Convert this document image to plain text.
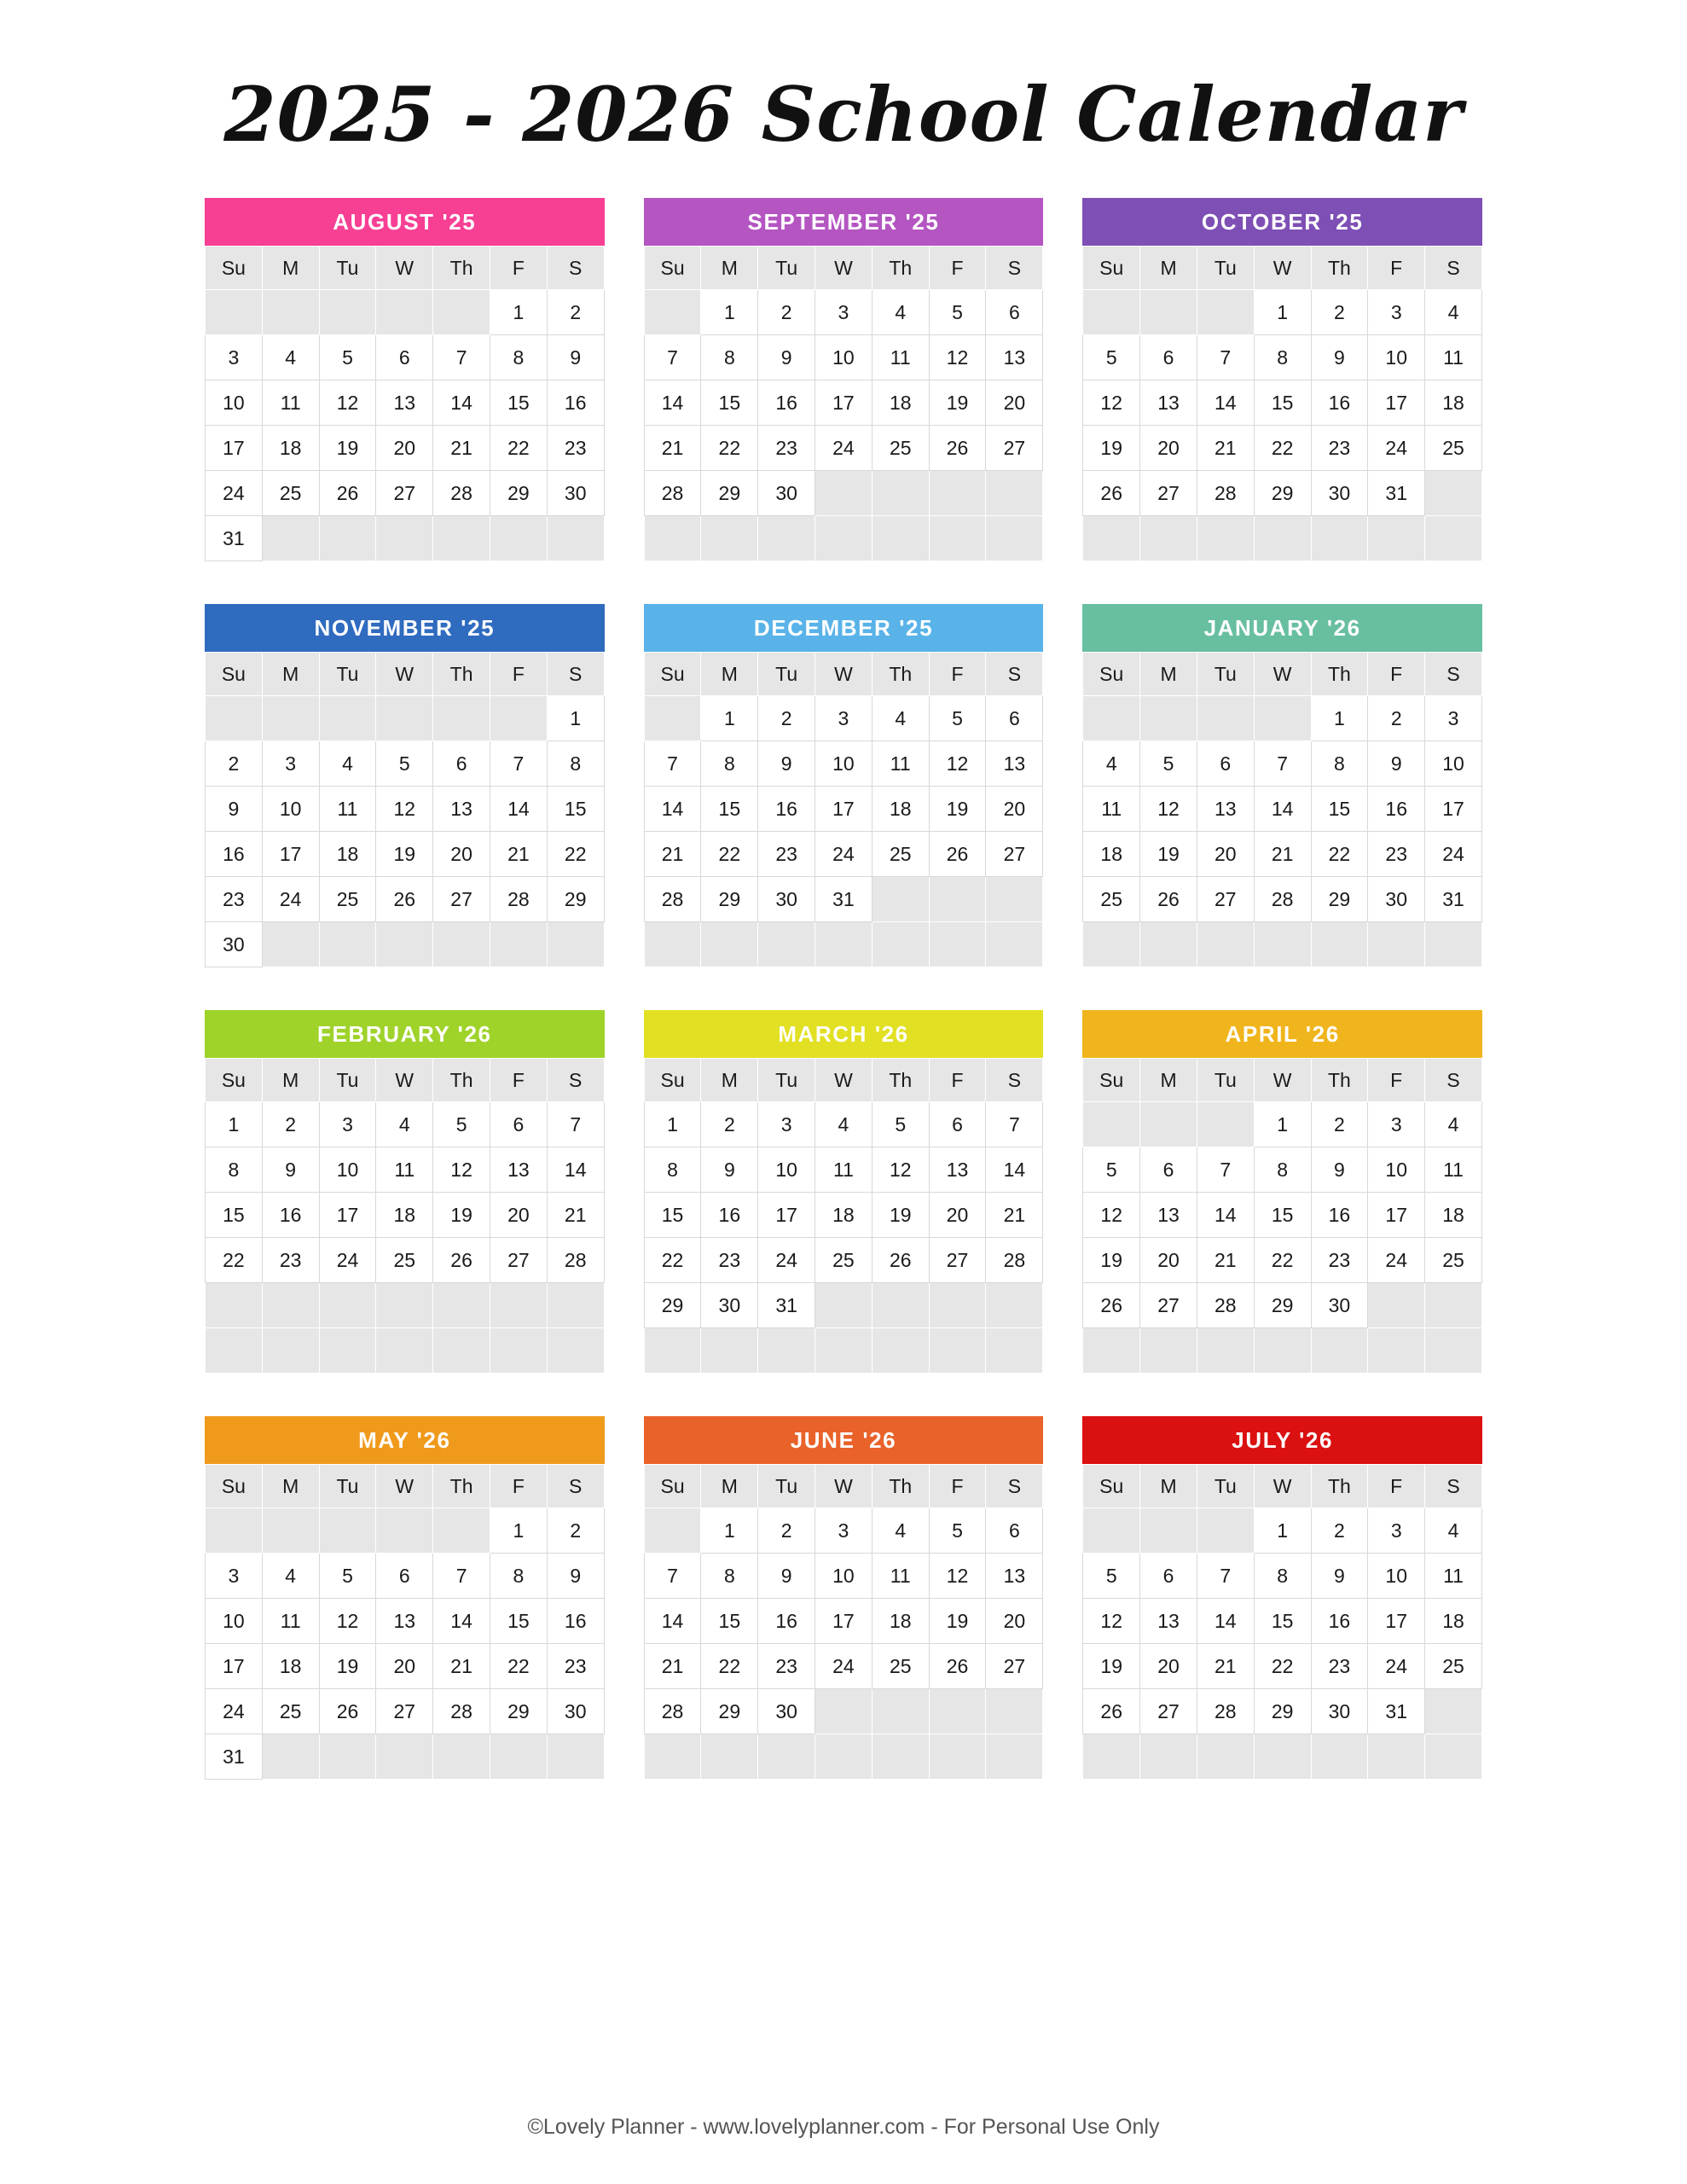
2025 - 2026 School Calendar
AUGUST '25
Su	M	Tu	W	Th	F	S
					1	2
3	4	5	6	7	8	9
10	11	12	13	14	15	16
17	18	19	20	21	22	23
24	25	26	27	28	29	30
31						
SEPTEMBER '25
Su	M	Tu	W	Th	F	S
	1	2	3	4	5	6
7	8	9	10	11	12	13
14	15	16	17	18	19	20
21	22	23	24	25	26	27
28	29	30				

OCTOBER '25
Su	M	Tu	W	Th	F	S
			1	2	3	4
5	6	7	8	9	10	11
12	13	14	15	16	17	18
19	20	21	22	23	24	25
26	27	28	29	30	31	

NOVEMBER '25
Su	M	Tu	W	Th	F	S
						1
2	3	4	5	6	7	8
9	10	11	12	13	14	15
16	17	18	19	20	21	22
23	24	25	26	27	28	29
30						
DECEMBER '25
Su	M	Tu	W	Th	F	S
	1	2	3	4	5	6
7	8	9	10	11	12	13
14	15	16	17	18	19	20
21	22	23	24	25	26	27
28	29	30	31			

JANUARY '26
Su	M	Tu	W	Th	F	S
				1	2	3
4	5	6	7	8	9	10
11	12	13	14	15	16	17
18	19	20	21	22	23	24
25	26	27	28	29	30	31

FEBRUARY '26
Su	M	Tu	W	Th	F	S
1	2	3	4	5	6	7
8	9	10	11	12	13	14
15	16	17	18	19	20	21
22	23	24	25	26	27	28

MARCH '26
Su	M	Tu	W	Th	F	S
1	2	3	4	5	6	7
8	9	10	11	12	13	14
15	16	17	18	19	20	21
22	23	24	25	26	27	28
29	30	31				

APRIL '26
Su	M	Tu	W	Th	F	S
			1	2	3	4
5	6	7	8	9	10	11
12	13	14	15	16	17	18
19	20	21	22	23	24	25
26	27	28	29	30		

MAY '26
Su	M	Tu	W	Th	F	S
					1	2
3	4	5	6	7	8	9
10	11	12	13	14	15	16
17	18	19	20	21	22	23
24	25	26	27	28	29	30
31						
JUNE '26
Su	M	Tu	W	Th	F	S
	1	2	3	4	5	6
7	8	9	10	11	12	13
14	15	16	17	18	19	20
21	22	23	24	25	26	27
28	29	30				

JULY '26
Su	M	Tu	W	Th	F	S
			1	2	3	4
5	6	7	8	9	10	11
12	13	14	15	16	17	18
19	20	21	22	23	24	25
26	27	28	29	30	31	

©Lovely Planner - www.lovelyplanner.com - For Personal Use Only
